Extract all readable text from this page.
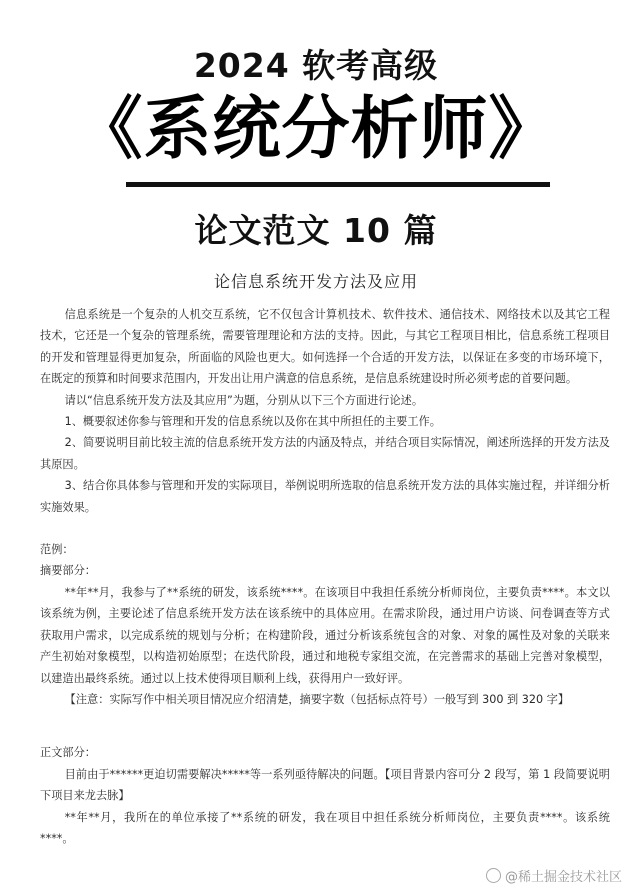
2024 软考高级
《系统分析师》
论文范文 10 篇
论信息系统开发方法及应用

信息系统是一个复杂的人机交互系统，它不仅包含计算机技术、软件技术、通信技术、网络技术以及其它工程技术，它还是一个复杂的管理系统，需要管理理论和方法的支持。因此，与其它工程项目相比，信息系统工程项目的开发和管理显得更加复杂，所面临的风险也更大。如何选择一个合适的开发方法，以保证在多变的市场环境下，在既定的预算和时间要求范围内，开发出让用户满意的信息系统，是信息系统建设时所必须考虑的首要问题。

请以“信息系统开发方法及其应用”为题，分别从以下三个方面进行论述。

1、概要叙述你参与管理和开发的信息系统以及你在其中所担任的主要工作。

2、简要说明目前比较主流的信息系统开发方法的内涵及特点，并结合项目实际情况，阐述所选择的开发方法及其原因。

3、结合你具体参与管理和开发的实际项目，举例说明所选取的信息系统开发方法的具体实施过程，并详细分析实施效果。

范例：

摘要部分：

**年**月，我参与了**系统的研发，该系统****。在该项目中我担任系统分析师岗位，主要负责****。本文以该系统为例，主要论述了信息系统开发方法在该系统中的具体应用。在需求阶段，通过用户访谈、问卷调查等方式获取用户需求，以完成系统的规划与分析；在构建阶段，通过分析该系统包含的对象、对象的属性及对象的关联来产生初始对象模型，以构造初始原型；在迭代阶段，通过和地税专家组交流，在完善需求的基础上完善对象模型，以建造出最终系统。通过以上技术使得项目顺利上线，获得用户一致好评。

【注意：实际写作中相关项目情况应介绍清楚，摘要字数（包括标点符号）一般写到 300 到 320 字】

正文部分：

目前由于******更迫切需要解决*****等一系列亟待解决的问题。【项目背景内容可分 2 段写，第 1 段简要说明下项目来龙去脉】

**年**月，我所在的单位承接了**系统的研发，我在项目中担任系统分析师岗位，主要负责****。该系统****。

@稀土掘金技术社区
